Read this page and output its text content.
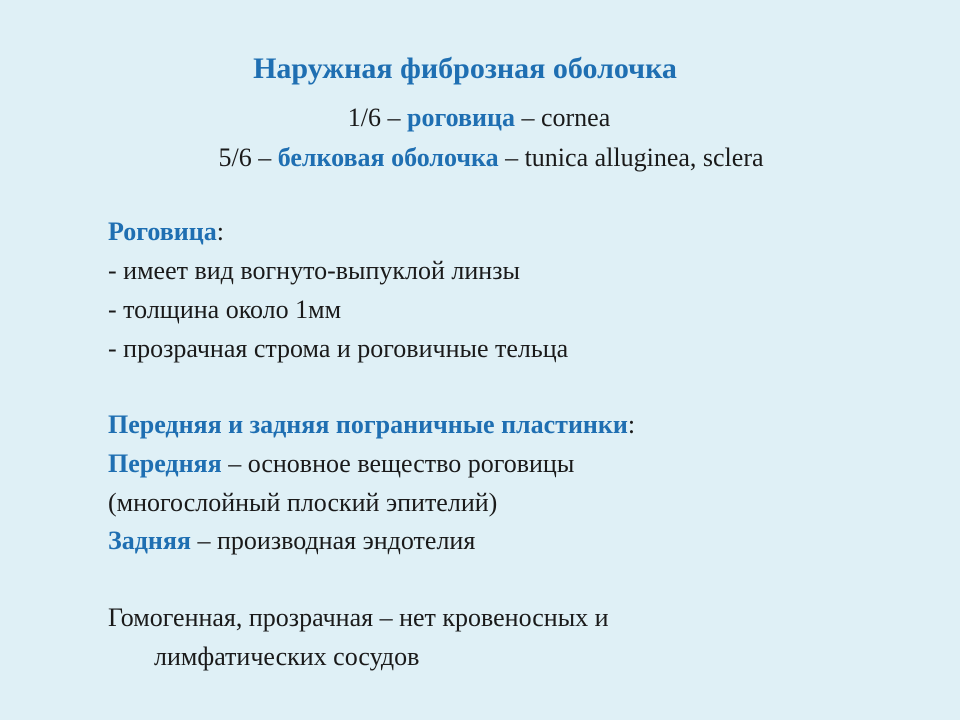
Наружная фиброзная оболочка
1/6 – роговица – cornea
5/6 – белковая оболочка – tunica alluginea, sclera
Роговица:
- имеет вид вогнуто-выпуклой линзы
- толщина около 1мм
- прозрачная строма и роговичные тельца
Передняя и задняя пограничные пластинки:
Передняя – основное вещество роговицы
(многослойный плоский эпителий)
Задняя – производная эндотелия
Гомогенная, прозрачная – нет кровеносных и
лимфатических сосудов
